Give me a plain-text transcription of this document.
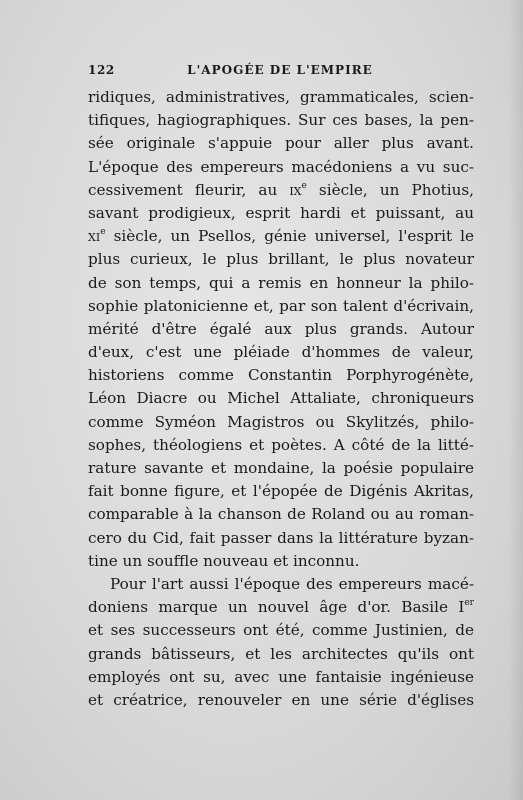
122	L'APOGÉE DE L'EMPIRE
ridiques, administratives, grammaticales, scien-
tifiques, hagiographiques. Sur ces bases, la pen-
sée originale s'appuie pour aller plus avant.
L'époque des empereurs macédoniens a vu suc-
cessivement fleurir, au $ix^e$ siècle, un Photius,
savant prodigieux, esprit hardi et puissant, au
$xi^e$ siècle, un Psellos, génie universel, l'esprit le
plus curieux, le plus brillant, le plus novateur
de son temps, qui a remis en honneur la philo-
sophie platonicienne et, par son talent d'écrivain,
mérité d'être égalé aux plus grands. Autour
d'eux, c'est une pléiade d'hommes de valeur,
historiens comme Constantin Porphyrogénète,
Léon Diacre ou Michel Attaliate, chroniqueurs
comme Syméon Magistros ou Skylitzés, philo-
sophes, théologiens et poètes. A côté de la litté-
rature savante et mondaine, la poésie populaire
fait bonne figure, et l'épopée de Digénis Akritas,
comparable à la chanson de Roland ou au roman-
cero du Cid, fait passer dans la littérature byzan-
tine un souffle nouveau et inconnu.
Pour l'art aussi l'époque des empereurs macé-
doniens marque un nouvel âge d'or. Basile Ier
et ses successeurs ont été, comme Justinien, de
grands bâtisseurs, et les architectes qu'ils ont
employés ont su, avec une fantaisie ingénieuse
et créatrice, renouveler en une série d'églises
